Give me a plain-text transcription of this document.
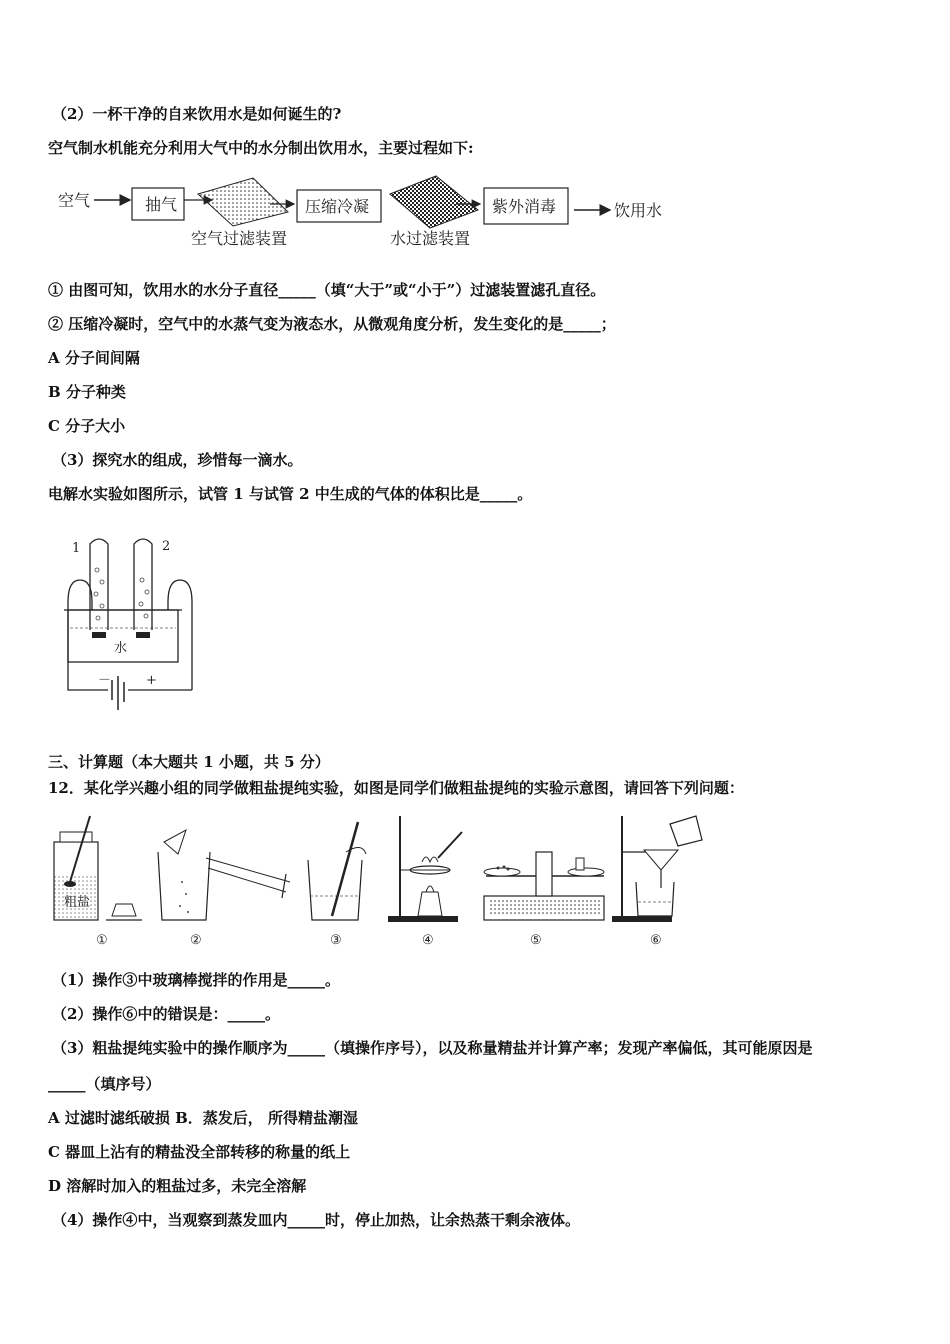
（2）一杯干净的自来饮用水是如何诞生的?
空气制水机能充分利用大气中的水分制出饮用水，主要过程如下:
空气	抽气
空气过滤装置
压缩冷凝
水过滤装置
紫外消毒	饮用水
① 由图可知，饮用水的水分子直径_____（填“大于”或“小于”）过滤装置滤孔直径。
② 压缩冷凝时，空气中的水蒸气变为液态水，从微观角度分析，发生变化的是_____；
A 分子间间隔
B 分子种类
C 分子大小
（3）探究水的组成，珍惜每一滴水。
电解水实验如图所示，试管 1 与试管 2 中生成的气体的体积比是_____。
1	2
－	+
水
三、计算题（本大题共 1 小题，共 5 分）
12．某化学兴趣小组的同学做粗盐提纯实验，如图是同学们做粗盐提纯的实验示意图，请回答下列问题：
粗盐
①	②	③	④	⑤	⑥
（1）操作③中玻璃棒搅拌的作用是_____。
（2）操作⑥中的错误是：_____。
（3）粗盐提纯实验中的操作顺序为_____（填操作序号），以及称量精盐并计算产率；发现产率偏低，其可能原因是
_____（填序号）
A 过滤时滤纸破损 B．蒸发后， 所得精盐潮湿
C 器皿上沾有的精盐没全部转移的称量的纸上
D 溶解时加入的粗盐过多，未完全溶解
（4）操作④中，当观察到蒸发皿内_____时，停止加热，让余热蒸干剩余液体。
